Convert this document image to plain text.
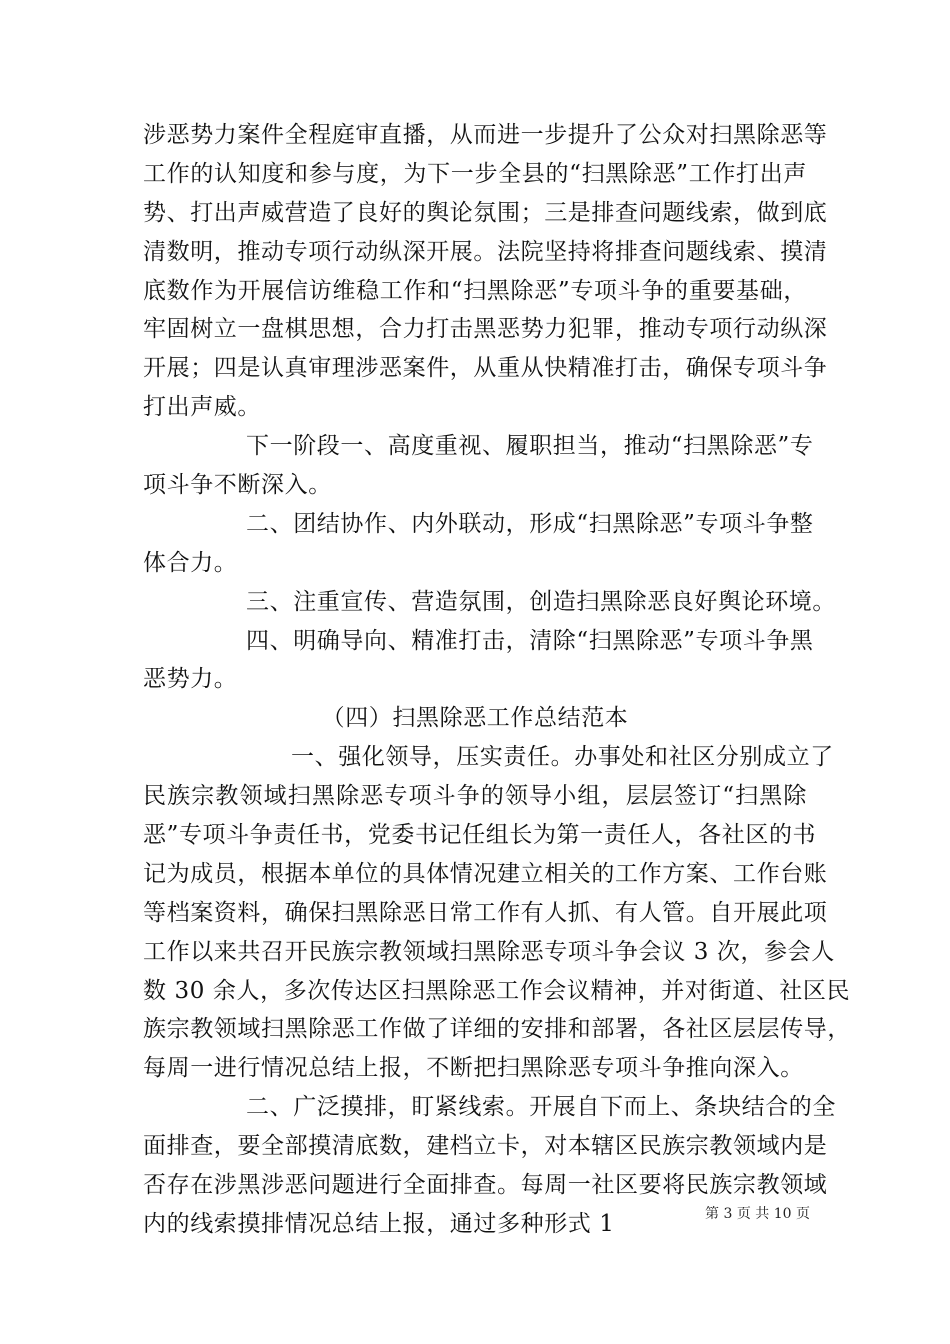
涉恶势力案件全程庭审直播，从而进一步提升了公众对扫黑除恶等
工作的认知度和参与度，为下一步全县的“扫黑除恶”工作打出声
势、打出声威营造了良好的舆论氛围；三是排查问题线索，做到底
清数明，推动专项行动纵深开展。法院坚持将排查问题线索、摸清
底数作为开展信访维稳工作和“扫黑除恶”专项斗争的重要基础，
牢固树立一盘棋思想，合力打击黑恶势力犯罪，推动专项行动纵深
开展；四是认真审理涉恶案件，从重从快精准打击，确保专项斗争
打出声威。
下一阶段一、高度重视、履职担当，推动“扫黑除恶”专
项斗争不断深入。
二、团结协作、内外联动，形成“扫黑除恶”专项斗争整
体合力。
三、注重宣传、营造氛围，创造扫黑除恶良好舆论环境。
四、明确导向、精准打击，清除“扫黑除恶”专项斗争黑
恶势力。
（四）扫黑除恶工作总结范本
一、强化领导，压实责任。办事处和社区分别成立了
民族宗教领域扫黑除恶专项斗争的领导小组，层层签订“扫黑除
恶”专项斗争责任书，党委书记任组长为第一责任人，各社区的书
记为成员，根据本单位的具体情况建立相关的工作方案、工作台账
等档案资料，确保扫黑除恶日常工作有人抓、有人管。自开展此项
工作以来共召开民族宗教领域扫黑除恶专项斗争会议 3 次，参会人
数 30 余人，多次传达区扫黑除恶工作会议精神，并对街道、社区民
族宗教领域扫黑除恶工作做了详细的安排和部署，各社区层层传导，
每周一进行情况总结上报，不断把扫黑除恶专项斗争推向深入。
二、广泛摸排，盯紧线索。开展自下而上、条块结合的全
面排查，要全部摸清底数，建档立卡，对本辖区民族宗教领域内是
否存在涉黑涉恶问题进行全面排查。每周一社区要将民族宗教领域
内的线索摸排情况总结上报，通过多种形式 1	第 3 页 共 10 页
